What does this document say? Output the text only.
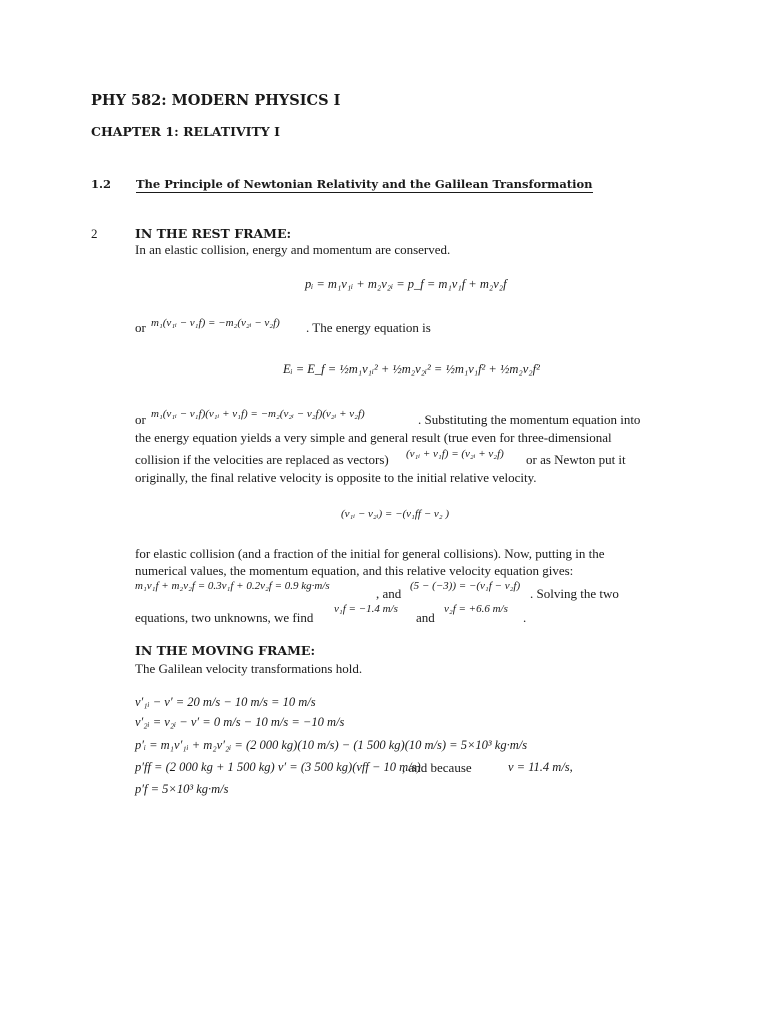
PHY 582: MODERN PHYSICS I
CHAPTER 1: RELATIVITY I
1.2 The Principle of Newtonian Relativity and the Galilean Transformation
2	IN THE REST FRAME:
In an elastic collision, energy and momentum are conserved.
pᵢ = m₁v₁ᵢ + m₂v₂ᵢ = p_f = m₁v₁f + m₂v₂f
or m₁(v₁ᵢ − v₁f) = −m₂(v₂ᵢ − v₂f) . The energy equation is
Eᵢ = E_f = ½m₁v₁ᵢ² + ½m₂v₂ᵢ² = ½m₁v₁f² + ½m₂v₂f²
or m₁(v₁ᵢ − v₁f)(v₁ᵢ + v₁f) = −m₂(v₂ᵢ − v₂f)(v₂ᵢ + v₂f)	. Substituting the momentum equation into
the energy equation yields a very simple and general result (true even for three-dimensional
collision if the velocities are replaced as vectors) (v₁ᵢ + v₁f) = (v₂ᵢ + v₂f) or as Newton put it
originally, the final relative velocity is opposite to the initial relative velocity.
(v₁ᵢ − v₂ᵢ) = −(v₁ff − v₂ )
for elastic collision (and a fraction of the initial for general collisions). Now, putting in the
numerical values, the momentum equation, and this relative velocity equation gives:
m₁v₁f + m₂v₂f = 0.3v₁f + 0.2v₂f = 0.9 kg·m/s	, and (5 − (−3)) = −(v₁f − v₂f) . Solving the two
equations, two unknowns, we find
v₁f = −1.4 m/s
and
v₂f = +6.6 m/s
.
IN THE MOVING FRAME:
The Galilean velocity transformations hold.
v′₁ᵢ − v′ = 20 m/s − 10 m/s = 10 m/s
v′₂ᵢ = v₂ᵢ − v′ = 0 m/s − 10 m/s = −10 m/s
p′ᵢ = m₁v′₁ᵢ + m₂v′₂ᵢ = (2 000 kg)(10 m/s) − (1 500 kg)(10 m/s) = 5×10³ kg·m/s
p′ff = (2 000 kg + 1 500 kg) v′ = (3 500 kg)(vff − 10 m/s)
, and because	v = 11.4 m/s,
p′f = 5×10³ kg·m/s
